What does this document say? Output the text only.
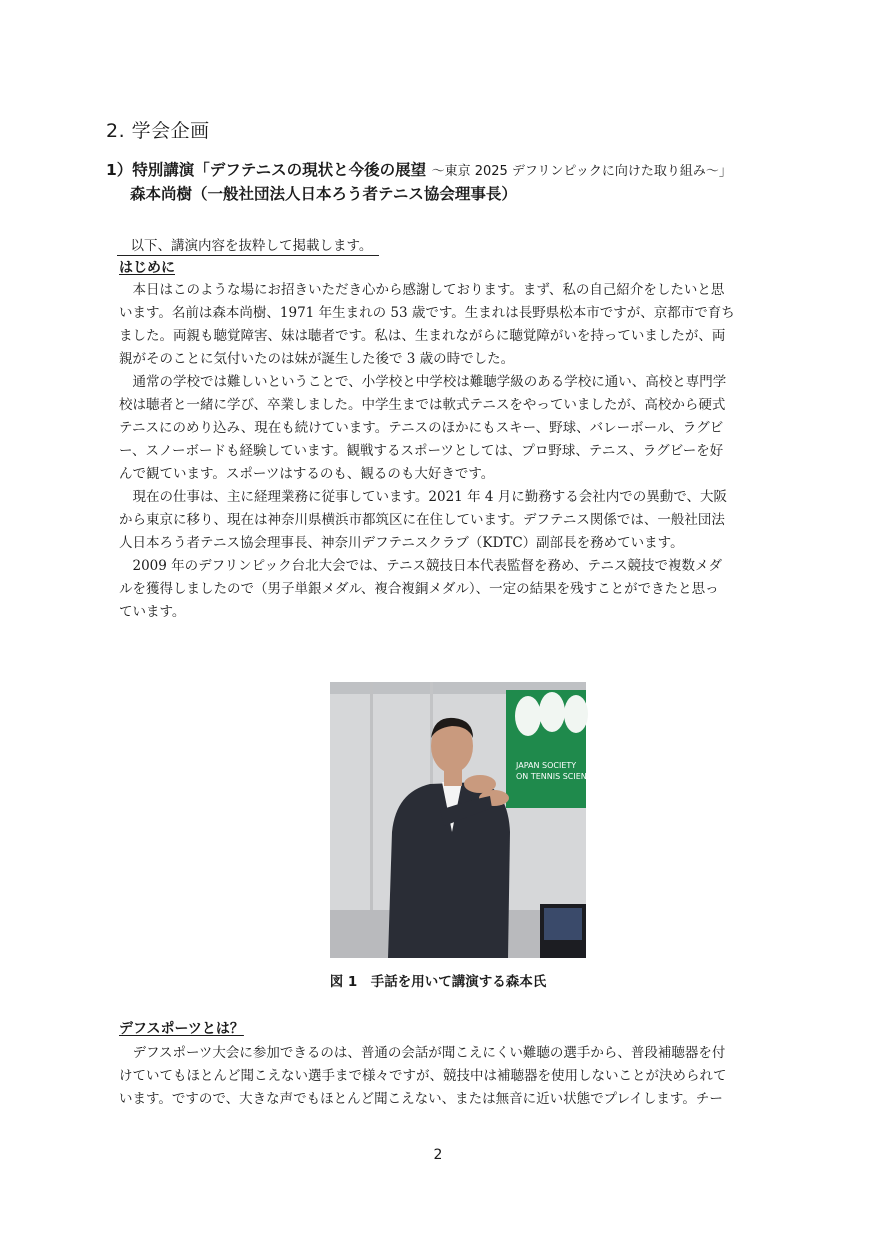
2. 学会企画
1）特別講演「デフテニスの現状と今後の展望 ～東京 2025 デフリンピックに向けた取り組み～」
森本尚樹（一般社団法人日本ろう者テニス協会理事長）
　以下、講演内容を抜粋して掲載します。
はじめに
　本日はこのような場にお招きいただき心から感謝しております。まず、私の自己紹介をしたいと思
います。名前は森本尚樹、1971 年生まれの 53 歳です。生まれは長野県松本市ですが、京都市で育ち
ました。両親も聴覚障害、妹は聴者です。私は、生まれながらに聴覚障がいを持っていましたが、両
親がそのことに気付いたのは妹が誕生した後で 3 歳の時でした。
　通常の学校では難しいということで、小学校と中学校は難聴学級のある学校に通い、高校と専門学
校は聴者と一緒に学び、卒業しました。中学生までは軟式テニスをやっていましたが、高校から硬式
テニスにのめり込み、現在も続けています。テニスのほかにもスキー、野球、バレーボール、ラグビ
ー、スノーボードも経験しています。観戦するスポーツとしては、プロ野球、テニス、ラグビーを好
んで観ています。スポーツはするのも、観るのも大好きです。
　現在の仕事は、主に経理業務に従事しています。2021 年 4 月に勤務する会社内での異動で、大阪
から東京に移り、現在は神奈川県横浜市都筑区に在住しています。デフテニス関係では、一般社団法
人日本ろう者テニス協会理事長、神奈川デフテニスクラブ（KDTC）副部長を務めています。
　2009 年のデフリンピック台北大会では、テニス競技日本代表監督を務め、テニス競技で複数メダ
ルを獲得しましたので（男子単銀メダル、複合複銅メダル）、一定の結果を残すことができたと思っ
ています。
JAPAN SOCIETY
ON TENNIS SCIENCE
図 1　手話を用いて講演する森本氏
デフスポーツとは？
　デフスポーツ大会に参加できるのは、普通の会話が聞こえにくい難聴の選手から、普段補聴器を付
けていてもほとんど聞こえない選手まで様々ですが、競技中は補聴器を使用しないことが決められて
います。ですので、大きな声でもほとんど聞こえない、または無音に近い状態でプレイします。チー
2
